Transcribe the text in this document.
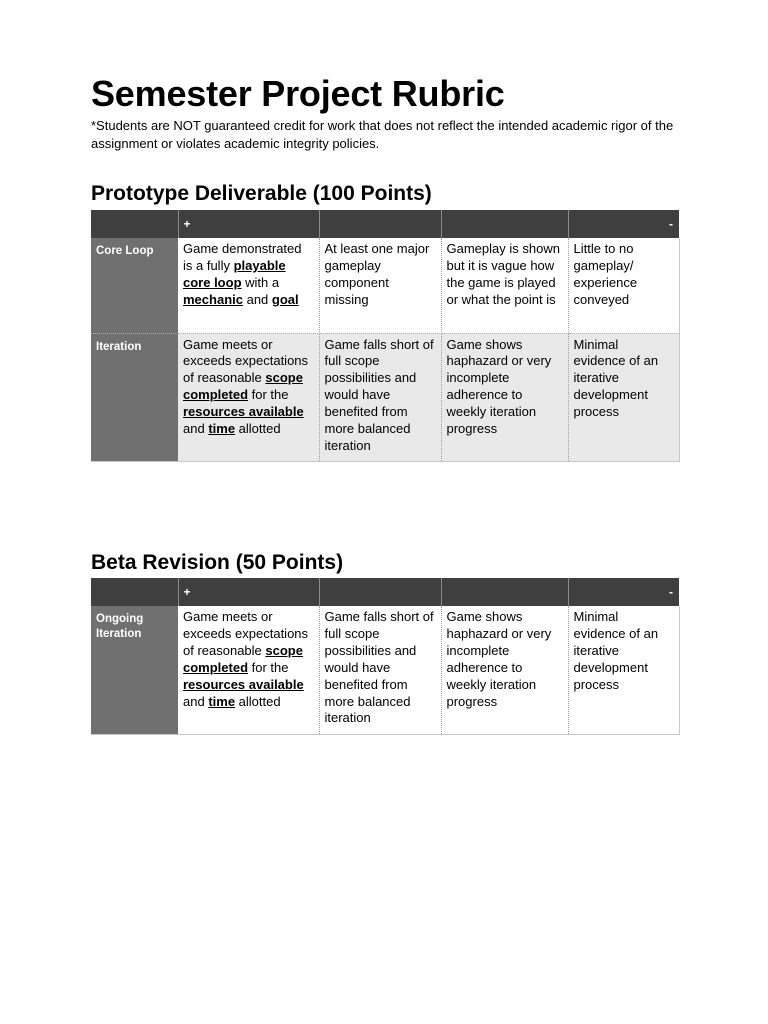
Semester Project Rubric
*Students are NOT guaranteed credit for work that does not reflect the intended academic rigor of the assignment or violates academic integrity policies.
Prototype Deliverable (100 Points)
	+			-
Core Loop	Game demonstrated is a fully playable core loop with a mechanic and goal	At least one major gameplay component missing	Gameplay is shown but it is vague how the game is played or what the point is	Little to no gameplay/ experience conveyed
Iteration	Game meets or exceeds expectations of reasonable scope completed for the resources available and time allotted	Game falls short of full scope possibilities and would have benefited from more balanced iteration	Game shows haphazard or very incomplete adherence to weekly iteration progress	Minimal evidence of an iterative development process
Beta Revision (50 Points)
	+			-
Ongoing Iteration	Game meets or exceeds expectations of reasonable scope completed for the resources available and time allotted	Game falls short of full scope possibilities and would have benefited from more balanced iteration	Game shows haphazard or very incomplete adherence to weekly iteration progress	Minimal evidence of an iterative development process
